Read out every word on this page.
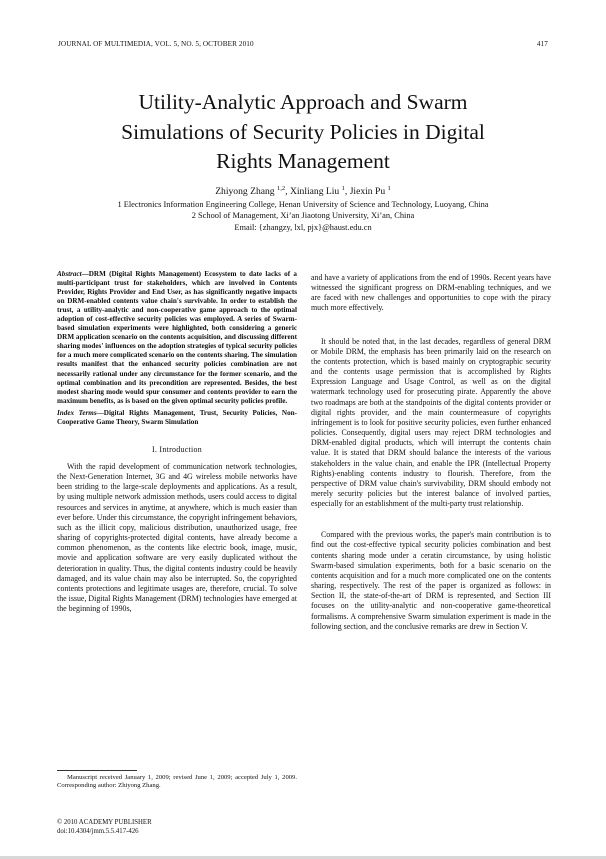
JOURNAL OF MULTIMEDIA, VOL. 5, NO. 5, OCTOBER 2010	417
Utility-Analytic Approach and Swarm
Simulations of Security Policies in Digital
Rights Management
Zhiyong Zhang $^{1,2}$, Xinliang Liu $^1$, Jiexin Pu $^1$
1 Electronics Information Engineering College, Henan University of Science and Technology, Luoyang, China
2 School of Management, Xi’an Jiaotong University, Xi’an, China
Email: {zhangzy, lxl, pjx}@haust.edu.cn

Abstract—DRM (Digital Rights Management) Ecosystem to date lacks of a multi-participant trust for stakeholders, which are involved in Contents Provider, Rights Provider and End User, as has significantly negative impacts on DRM-enabled contents value chain's survivable. In order to establish the trust, a utility-analytic and non-cooperative game approach to the optimal adoption of cost-effective security policies was employed. A series of Swarm-based simulation experiments were highlighted, both considering a generic DRM application scenario on the contents acquisition, and discussing different sharing modes' influences on the adoption strategies of typical security policies for a much more complicated scenario on the contents sharing. The simulation results manifest that the enhanced security policies combination are not necessarily rational under any circumstance for the former scenario, and the optimal combination and its precondition are represented. Besides, the best modest sharing mode would spur consumer and contents provider to earn the maximum benefits, as is based on the given optimal security policies profile.

Index Terms—Digital Rights Management, Trust, Security Policies, Non-Cooperative Game Theory, Swarm Simulation

I. Introduction

With the rapid development of communication network technologies, the Next-Generation Internet, 3G and 4G wireless mobile networks have been striding to the large-scale deployments and applications. As a result, by using multiple network admission methods, users could access to digital resources and services in anytime, at anywhere, which is much easier than ever before. Under this circumstance, the copyright infringement behaviors, such as the illicit copy, malicious distribution, unauthorized usage, free sharing of copyrights-protected digital contents, have already become a common phenomenon, as the contents like electric book, image, music, movie and application software are very easily duplicated without the deterioration in quality. Thus, the digital contents industry could be heavily damaged, and its value chain may also be interrupted. So, the copyrighted contents protections and legitimate usages are, therefore, crucial. To solve the issue, Digital Rights Management (DRM) technologies have emerged at the beginning of 1990s,

and have a variety of applications from the end of 1990s. Recent years have witnessed the significant progress on DRM-enabling techniques, and we are faced with new challenges and opportunities to cope with the piracy much more effectively.

It should be noted that, in the last decades, regardless of general DRM or Mobile DRM, the emphasis has been primarily laid on the research on the contents protection, which is based mainly on cryptographic security and the contents usage permission that is accomplished by Rights Expression Language and Usage Control, as well as on the digital watermark technology used for prosecuting pirate. Apparently the above two roadmaps are both at the standpoints of the digital contents provider or digital rights provider, and the main countermeasure of copyrights infringement is to look for positive security policies, even further enhanced policies. Consequently, digital users may reject DRM technologies and DRM-enabled digital products, which will interrupt the contents chain value. It is stated that DRM should balance the interests of the various stakeholders in the value chain, and enable the IPR (Intellectual Property Rights)-enabling contents industry to flourish. Therefore, from the perspective of DRM value chain's survivability, DRM should embody not merely security policies but the interest balance of involved parties, especially for an establishment of the multi-party trust relationship.

Compared with the previous works, the paper's main contribution is to find out the cost-effective typical security policies combination and best contents sharing mode under a ceratin circumstance, by using holistic Swarm-based simulation experiments, both for a basic scenario on the contents acquisition and for a much more complicated one on the contents sharing, respectively. The rest of the paper is organized as follows: in Section II, the state-of-the-art of DRM is represented, and Section III focuses on the utility-analytic and non-cooperative game-theoretical formalisms. A comprehensive Swarm simulation experiment is made in the following section, and the conclusive remarks are drew in Section V.

Manuscript received January 1, 2009; revised June 1, 2009; accepted July 1, 2009. Corresponding author: Zhiyong Zhang.
© 2010 ACADEMY PUBLISHER
doi:10.4304/jmm.5.5.417-426
